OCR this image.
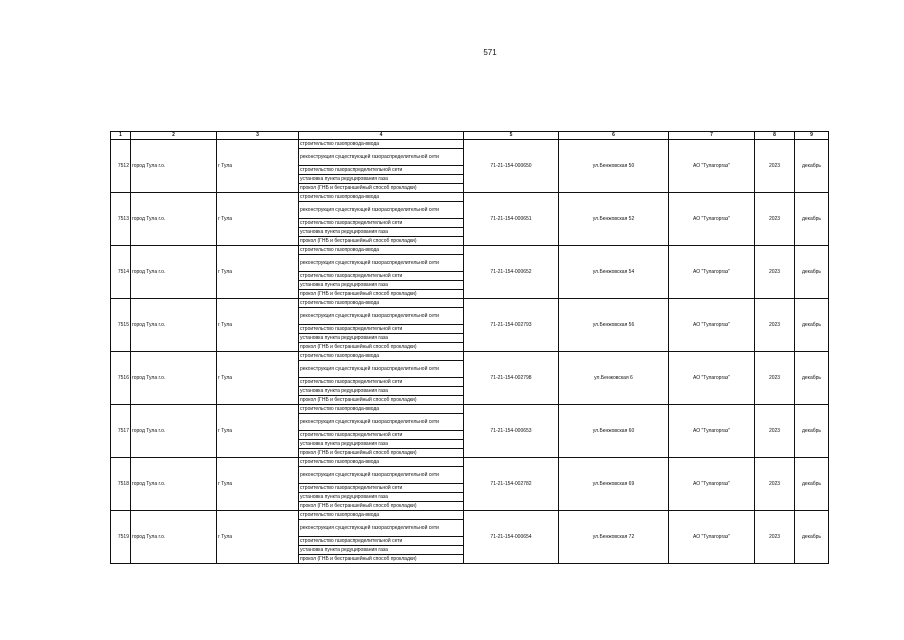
571
1	2	3	4	5	6	7	8	9
7512	город Тула г.о.	г Тула	строительство газопровода-ввода	71-21-154-000650	ул.Бенжовская 50	АО "Тулагоргаз"	2023	декабрь
			реконструкция существующей газораспределительной сети					
			строительство газораспределительной сети					
			установка пункта редуцирования газа					
			прокол (ГНБ и бестраншейный способ прокладки)					
7513	город Тула г.о.	г Тула	строительство газопровода-ввода	71-21-154-000651	ул.Бенжовская 52	АО "Тулагоргаз"	2023	декабрь
			реконструкция существующей газораспределительной сети					
			строительство газораспределительной сети					
			установка пункта редуцирования газа					
			прокол (ГНБ и бестраншейный способ прокладки)					
7514	город Тула г.о.	г Тула	строительство газопровода-ввода	71-21-154-000652	ул.Бенжовская 54	АО "Тулагоргаз"	2023	декабрь
			реконструкция существующей газораспределительной сети					
			строительство газораспределительной сети					
			установка пункта редуцирования газа					
			прокол (ГНБ и бестраншейный способ прокладки)					
7515	город Тула г.о.	г Тула	строительство газопровода-ввода	71-21-154-002793	ул.Бенжовская 56	АО "Тулагоргаз"	2023	декабрь
			реконструкция существующей газораспределительной сети					
			строительство газораспределительной сети					
			установка пункта редуцирования газа					
			прокол (ГНБ и бестраншейный способ прокладки)					
7516	город Тула г.о.	г Тула	строительство газопровода-ввода	71-21-154-002798	ул.Бенжовская 6	АО "Тулагоргаз"	2023	декабрь
			реконструкция существующей газораспределительной сети					
			строительство газораспределительной сети					
			установка пункта редуцирования газа					
			прокол (ГНБ и бестраншейный способ прокладки)					
7517	город Тула г.о.	г Тула	строительство газопровода-ввода	71-21-154-000653	ул.Бенжовская 60	АО "Тулагоргаз"	2023	декабрь
			реконструкция существующей газораспределительной сети					
			строительство газораспределительной сети					
			установка пункта редуцирования газа					
			прокол (ГНБ и бестраншейный способ прокладки)					
7518	город Тула г.о.	г Тула	строительство газопровода-ввода	71-21-154-002782	ул.Бенжовская 69	АО "Тулагоргаз"	2023	декабрь
			реконструкция существующей газораспределительной сети					
			строительство газораспределительной сети					
			установка пункта редуцирования газа					
			прокол (ГНБ и бестраншейный способ прокладки)					
7519	город Тула г.о.	г Тула	строительство газопровода-ввода	71-21-154-000654	ул.Бенжовская 72	АО "Тулагоргаз"	2023	декабрь
			реконструкция существующей газораспределительной сети					
			строительство газораспределительной сети					
			установка пункта редуцирования газа					
			прокол (ГНБ и бестраншейный способ прокладки)					
